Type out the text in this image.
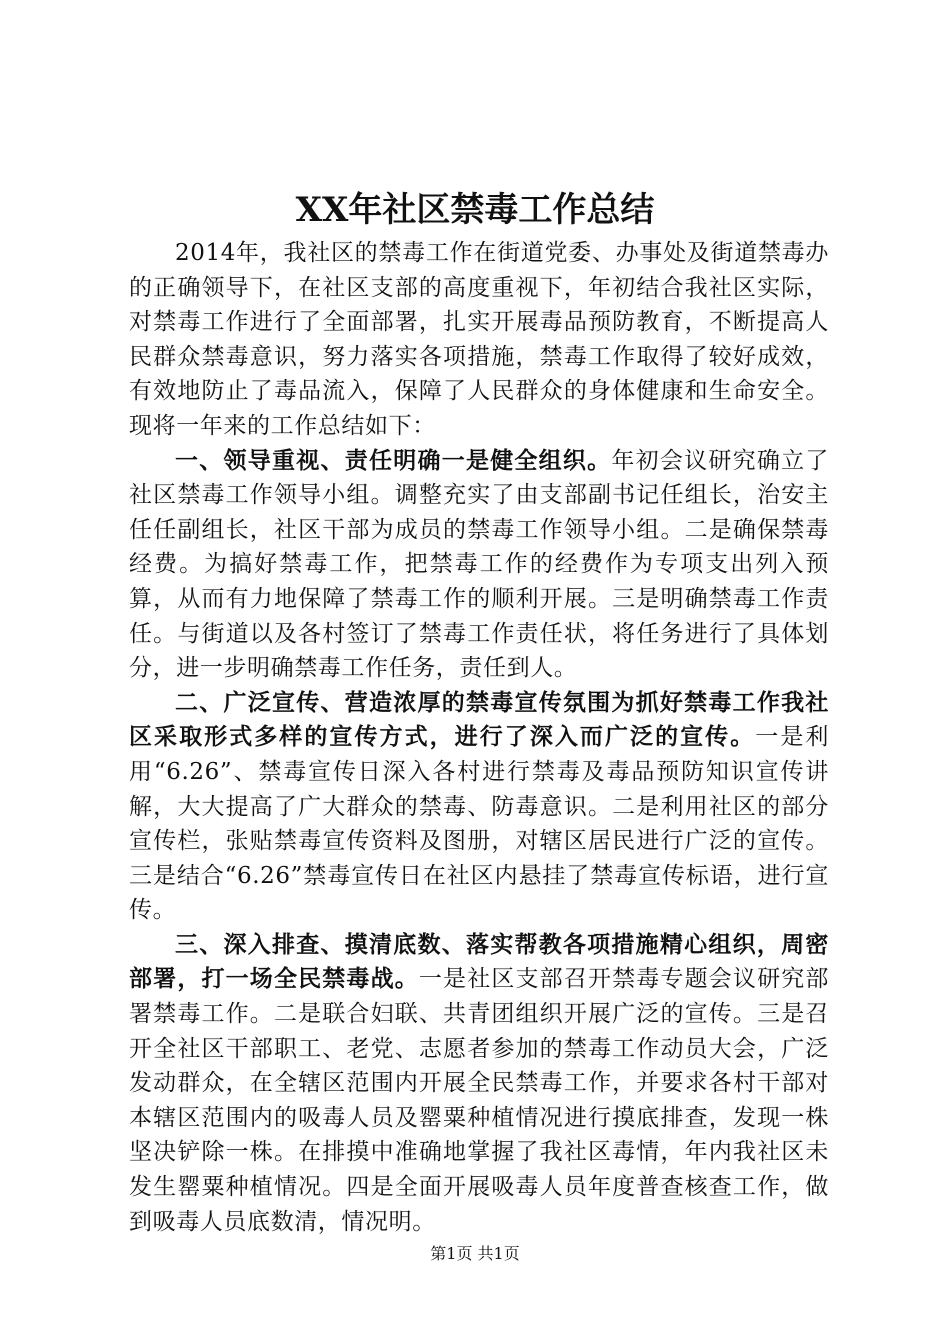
XX年社区禁毒工作总结

2014年，我社区的禁毒工作在街道党委、办事处及街道禁毒办的正确领导下，在社区支部的高度重视下，年初结合我社区实际，对禁毒工作进行了全面部署，扎实开展毒品预防教育，不断提高人民群众禁毒意识，努力落实各项措施，禁毒工作取得了较好成效，有效地防止了毒品流入，保障了人民群众的身体健康和生命安全。现将一年来的工作总结如下：

一、领导重视、责任明确一是健全组织。年初会议研究确立了社区禁毒工作领导小组。调整充实了由支部副书记任组长，治安主任任副组长，社区干部为成员的禁毒工作领导小组。二是确保禁毒经费。为搞好禁毒工作，把禁毒工作的经费作为专项支出列入预算，从而有力地保障了禁毒工作的顺利开展。三是明确禁毒工作责任。与街道以及各村签订了禁毒工作责任状，将任务进行了具体划分，进一步明确禁毒工作任务，责任到人。

二、广泛宣传、营造浓厚的禁毒宣传氛围为抓好禁毒工作我社区采取形式多样的宣传方式，进行了深入而广泛的宣传。一是利用“6.26”、禁毒宣传日深入各村进行禁毒及毒品预防知识宣传讲解，大大提高了广大群众的禁毒、防毒意识。二是利用社区的部分宣传栏，张贴禁毒宣传资料及图册，对辖区居民进行广泛的宣传。三是结合“6.26”禁毒宣传日在社区内悬挂了禁毒宣传标语，进行宣传。

三、深入排查、摸清底数、落实帮教各项措施精心组织，周密部署，打一场全民禁毒战。一是社区支部召开禁毒专题会议研究部署禁毒工作。二是联合妇联、共青团组织开展广泛的宣传。三是召开全社区干部职工、老党、志愿者参加的禁毒工作动员大会，广泛发动群众，在全辖区范围内开展全民禁毒工作，并要求各村干部对本辖区范围内的吸毒人员及罂粟种植情况进行摸底排查，发现一株坚决铲除一株。在排摸中准确地掌握了我社区毒情，年内我社区未发生罂粟种植情况。四是全面开展吸毒人员年度普查核查工作，做到吸毒人员底数清，情况明。

第1页 共1页
